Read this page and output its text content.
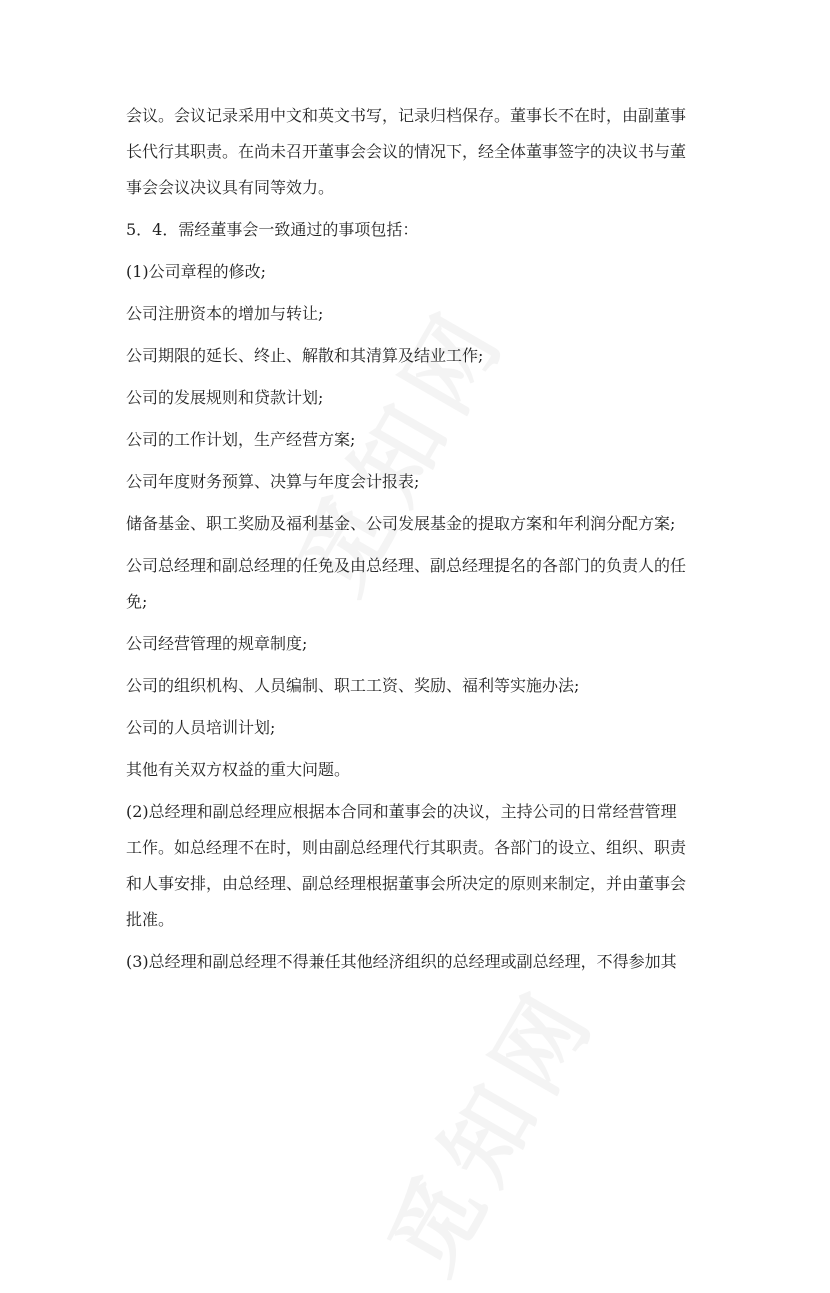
会议。会议记录采用中文和英文书写，记录归档保存。董事长不在时，由副董事

长代行其职责。在尚未召开董事会会议的情况下，经全体董事签字的决议书与董

事会会议决议具有同等效力。

5．4．需经董事会一致通过的事项包括：

(1)公司章程的修改;

公司注册资本的增加与转让;

公司期限的延长、终止、解散和其清算及结业工作;

公司的发展规则和贷款计划;

公司的工作计划，生产经营方案;

公司年度财务预算、决算与年度会计报表;

储备基金、职工奖励及福利基金、公司发展基金的提取方案和年利润分配方案;

公司总经理和副总经理的任免及由总经理、副总经理提名的各部门的负责人的任

免;

公司经营管理的规章制度;

公司的组织机构、人员编制、职工工资、奖励、福利等实施办法;

公司的人员培训计划;

其他有关双方权益的重大问题。

(2)总经理和副总经理应根据本合同和董事会的决议，主持公司的日常经营管理

工作。如总经理不在时，则由副总经理代行其职责。各部门的设立、组织、职责

和人事安排，由总经理、副总经理根据董事会所决定的原则来制定，并由董事会

批准。

(3)总经理和副总经理不得兼任其他经济组织的总经理或副总经理，不得参加其
